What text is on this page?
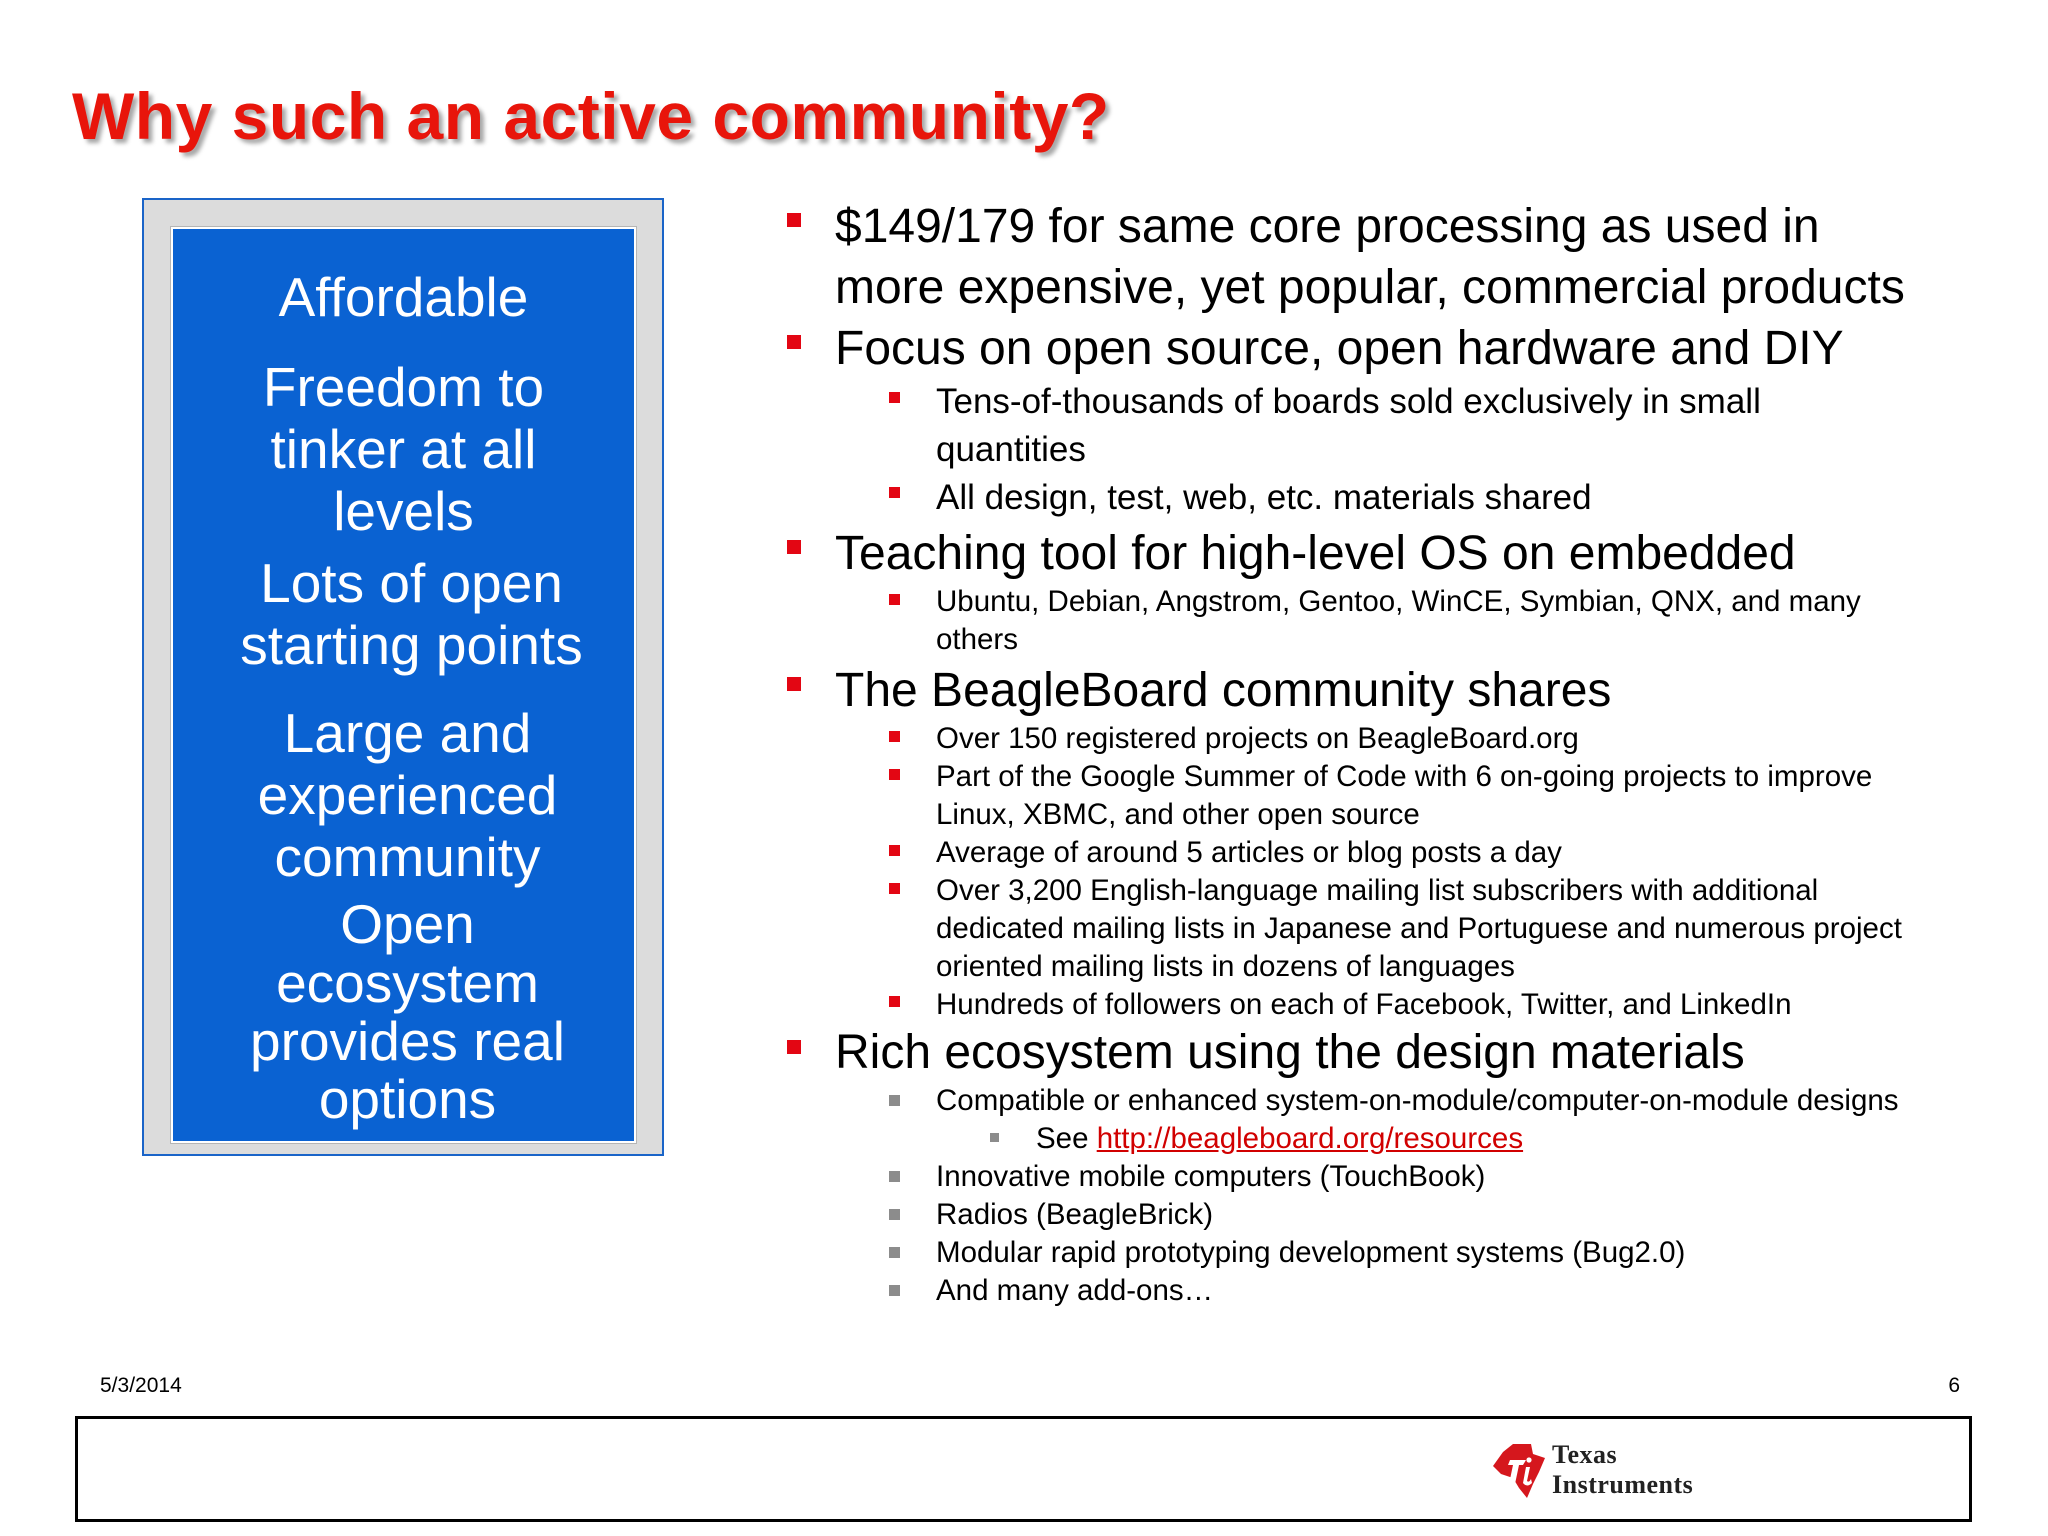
Why such an active community?
Affordable
Freedom to
tinker at all
levels
Lots of open
starting points
Large and
experienced
community
Open
ecosystem
provides real
options
$149/179 for same core processing as used in
more expensive, yet popular, commercial products
Focus on open source, open hardware and DIY
Tens-of-thousands of boards sold exclusively in small
quantities
All design, test, web, etc. materials shared
Teaching tool for high-level OS on embedded
Ubuntu, Debian, Angstrom, Gentoo, WinCE, Symbian, QNX, and many
others
The BeagleBoard community shares
Over 150 registered projects on BeagleBoard.org
Part of the Google Summer of Code with 6 on-going projects to improve
Linux, XBMC, and other open source
Average of around 5 articles or blog posts a day
Over 3,200 English-language mailing list subscribers with additional
dedicated mailing lists in Japanese and Portuguese and numerous project
oriented mailing lists in dozens of languages
Hundreds of followers on each of Facebook, Twitter, and LinkedIn
Rich ecosystem using the design materials
Compatible or enhanced system-on-module/computer-on-module designs
See http://beagleboard.org/resources
Innovative mobile computers (TouchBook)
Radios (BeagleBrick)
Modular rapid prototyping development systems (Bug2.0)
And many add-ons…
5/3/2014	6
Texas
Instruments
